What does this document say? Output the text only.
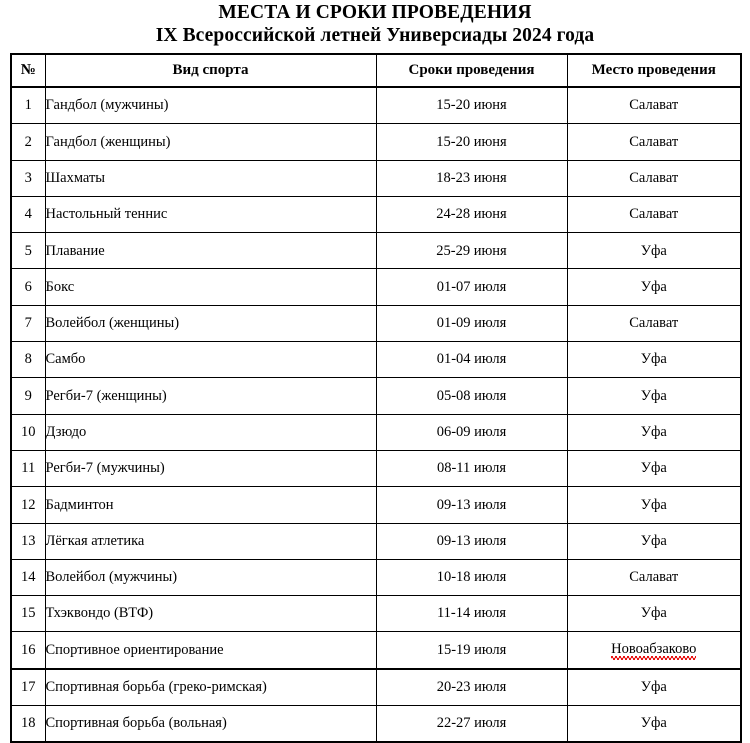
МЕСТА И СРОКИ ПРОВЕДЕНИЯ
IX Всероссийской летней Универсиады 2024 года
№	Вид спорта	Сроки проведения	Место проведения
1	Гандбол (мужчины)	15-20 июня	Салават
2	Гандбол (женщины)	15-20 июня	Салават
3	Шахматы	18-23 июня	Салават
4	Настольный теннис	24-28 июня	Салават
5	Плавание	25-29 июня	Уфа
6	Бокс	01-07 июля	Уфа
7	Волейбол (женщины)	01-09 июля	Салават
8	Самбо	01-04 июля	Уфа
9	Регби-7 (женщины)	05-08 июля	Уфа
10	Дзюдо	06-09 июля	Уфа
11	Регби-7 (мужчины)	08-11 июля	Уфа
12	Бадминтон	09-13 июля	Уфа
13	Лёгкая атлетика	09-13 июля	Уфа
14	Волейбол (мужчины)	10-18 июля	Салават
15	Тхэквондо (ВТФ)	11-14 июля	Уфа
16	Спортивное ориентирование	15-19 июля	Новоабзаково
17	Спортивная борьба (греко-римская)	20-23 июля	Уфа
18	Спортивная борьба (вольная)	22-27 июля	Уфа
